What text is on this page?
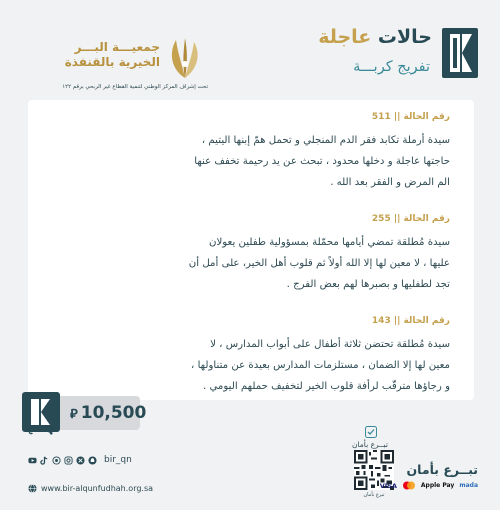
حالات عاجلة
تفريج كربـــة
جمعيـــة البـــر
الخيرية بالقنفذة
تحت إشراف المركز الوطني لتنمية القطاع غير الربحي برقم ١٢٢
رقم الحالة || 511
سيدة أرملة تكابد فقر الدم المنجلي و تحمل همّ إبنها اليتيم ،
حاجتها عاجلة و دخلها محدود ، تبحث عن يد رحيمة تخفف عنها
الم المرض و الفقر بعد الله .
رقم الحالة || 255
سيدة مُطلقة تمضي أيامها محمّلة بمسؤولية طفلين يعولان
عليها ، لا معين لها إلا الله أولاً ثم قلوب أهل الخير، على أمل أن
تجد لطفليها و بصبرها لهم بعض الفرج .
رقم الحالة || 143
سيدة مُطلقة تحتضن ثلاثة أطفال على أبواب المدارس ، لا
معين لها إلا الضمان ، مستلزمات المدارس بعيدة عن متناولها ،
و رجاؤها مترقّب لرأفة قلوب الخير لتخفيف حملهم اليومي .
⃁ 10,500
bir_qn
www.bir-alqunfudhah.org.sa
تبــرع بأمان
تبرع بأمان
تبــرع بأمان
VISA	Apple Pay mada
